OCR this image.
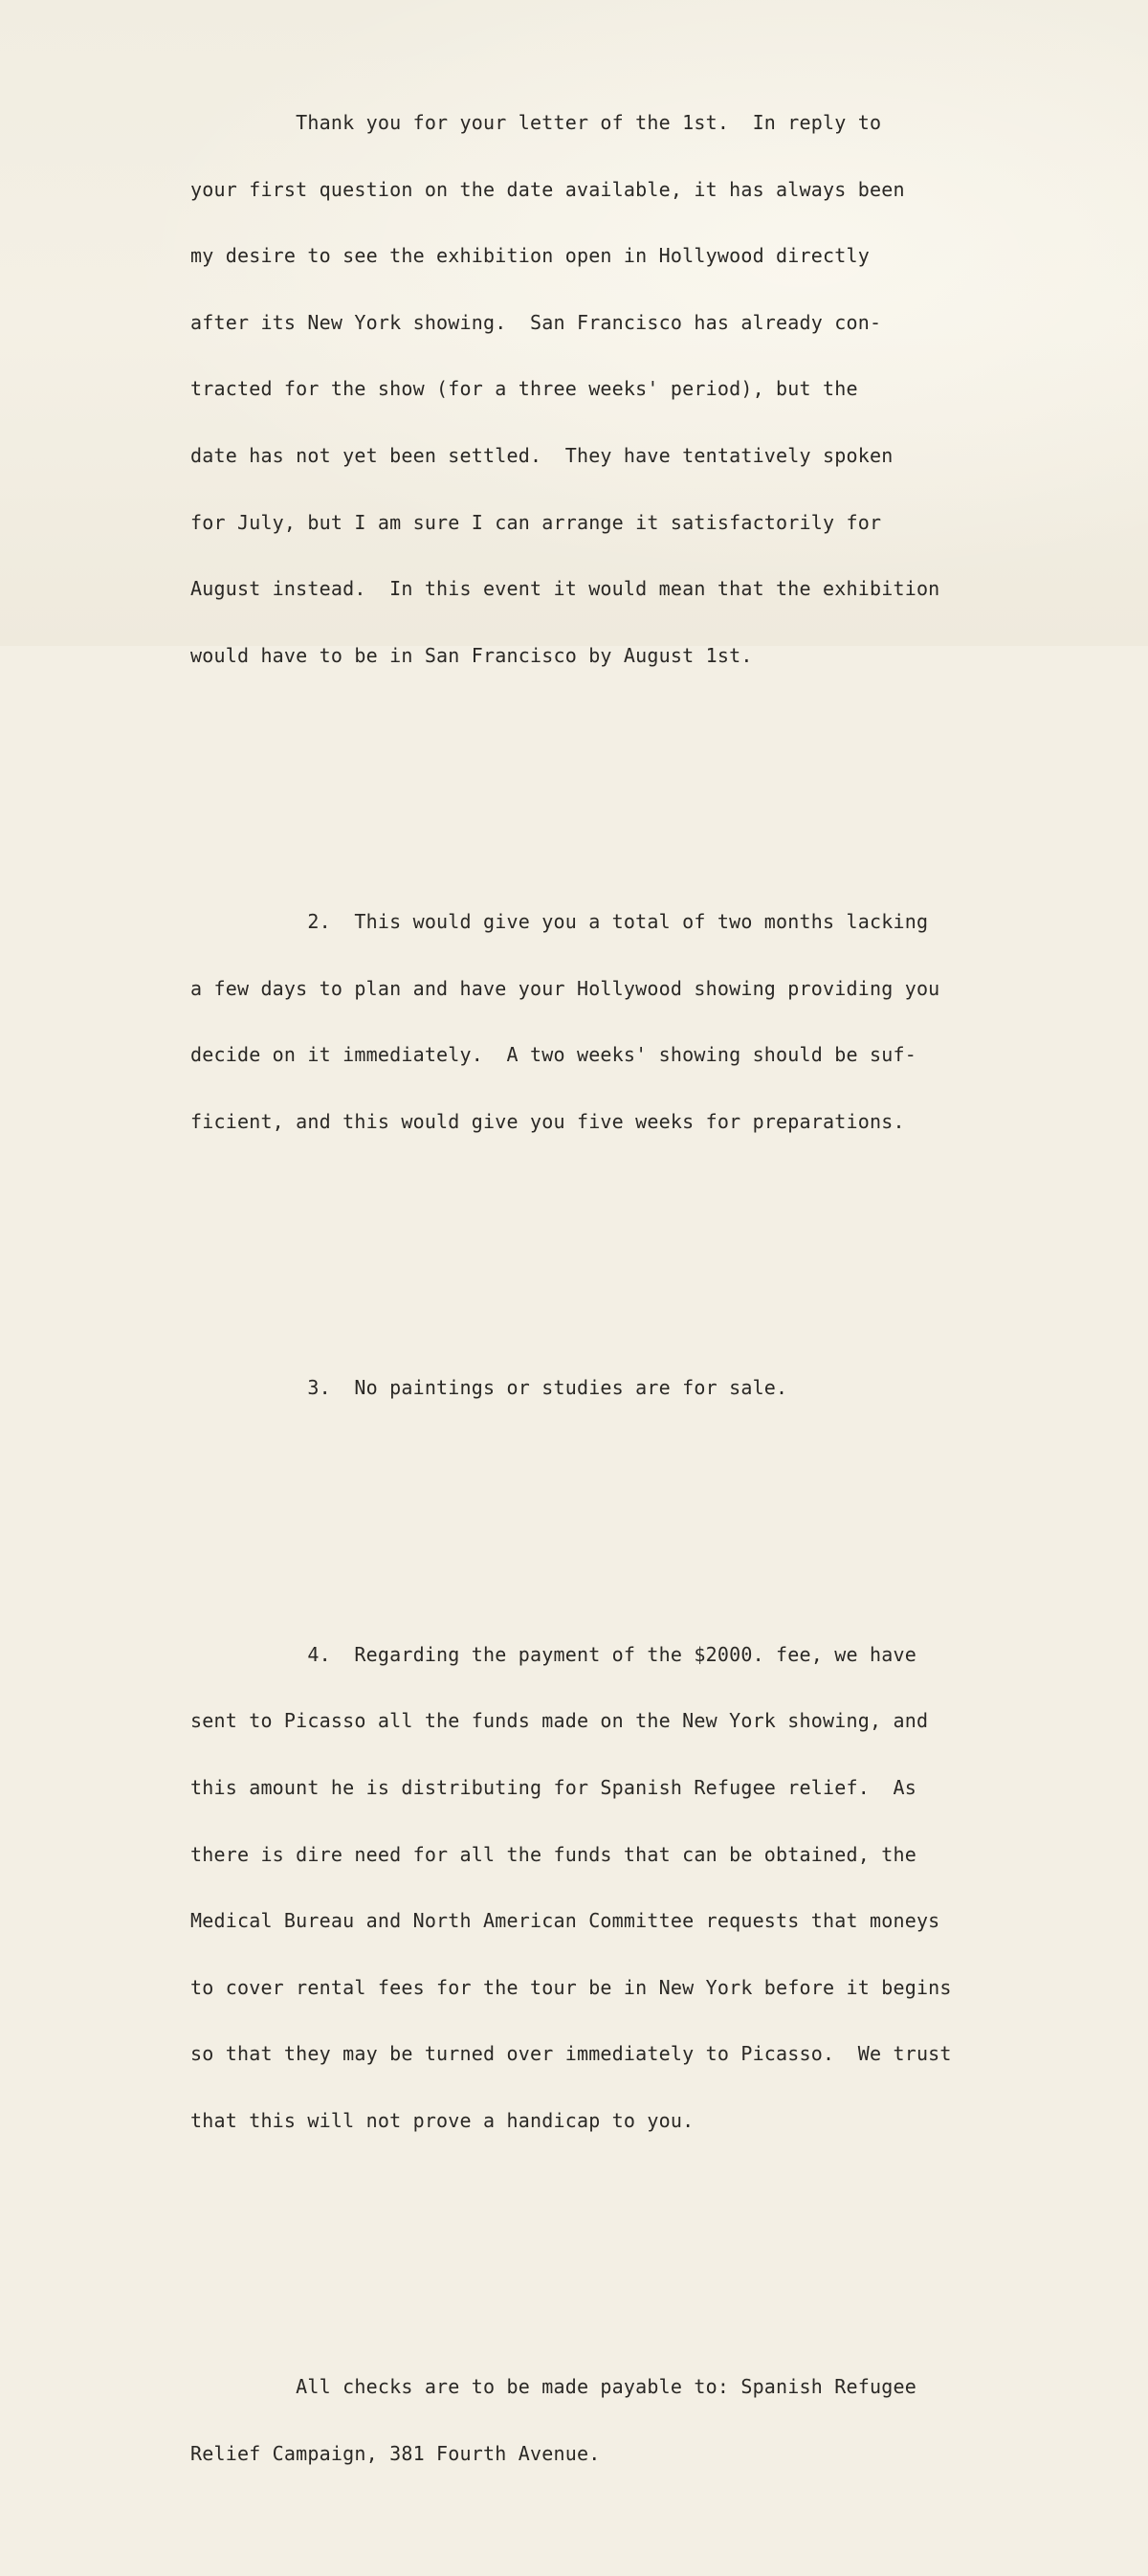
Thank you for your letter of the 1st.  In reply to

your first question on the date available, it has always been

my desire to see the exhibition open in Hollywood directly

after its New York showing.  San Francisco has already con-

tracted for the show (for a three weeks' period), but the

date has not yet been settled.  They have tentatively spoken

for July, but I am sure I can arrange it satisfactorily for

August instead.  In this event it would mean that the exhibition

would have to be in San Francisco by August 1st.

2.  This would give you a total of two months lacking

a few days to plan and have your Hollywood showing providing you

decide on it immediately.  A two weeks' showing should be suf-

ficient, and this would give you five weeks for preparations.

3.  No paintings or studies are for sale.

4.  Regarding the payment of the $2000. fee, we have

sent to Picasso all the funds made on the New York showing, and

this amount he is distributing for Spanish Refugee relief.  As

there is dire need for all the funds that can be obtained, the

Medical Bureau and North American Committee requests that moneys

to cover rental fees for the tour be in New York before it begins

so that they may be turned over immediately to Picasso.  We trust

that this will not prove a handicap to you.

All checks are to be made payable to: Spanish Refugee

Relief Campaign, 381 Fourth Avenue.
